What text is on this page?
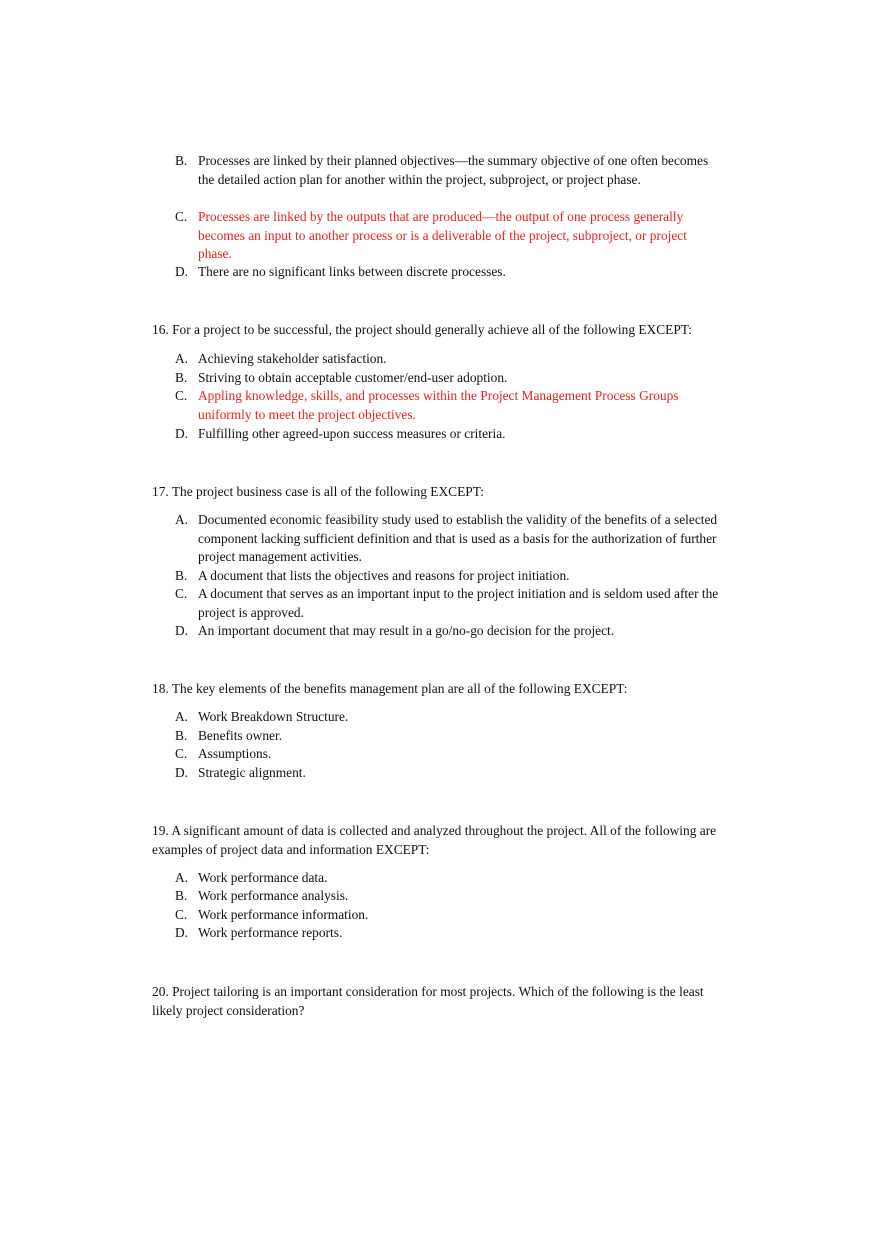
B. Processes are linked by their planned objectives—the summary objective of one often becomes the detailed action plan for another within the project, subproject, or project phase.
C. Processes are linked by the outputs that are produced—the output of one process generally becomes an input to another process or is a deliverable of the project, subproject, or project phase.
D. There are no significant links between discrete processes.
16. For a project to be successful, the project should generally achieve all of the following EXCEPT:
A. Achieving stakeholder satisfaction.
B. Striving to obtain acceptable customer/end-user adoption.
C. Appling knowledge, skills, and processes within the Project Management Process Groups uniformly to meet the project objectives.
D. Fulfilling other agreed-upon success measures or criteria.
17. The project business case is all of the following EXCEPT:
A. Documented economic feasibility study used to establish the validity of the benefits of a selected component lacking sufficient definition and that is used as a basis for the authorization of further project management activities.
B. A document that lists the objectives and reasons for project initiation.
C. A document that serves as an important input to the project initiation and is seldom used after the project is approved.
D. An important document that may result in a go/no-go decision for the project.
18. The key elements of the benefits management plan are all of the following EXCEPT:
A. Work Breakdown Structure.
B. Benefits owner.
C. Assumptions.
D. Strategic alignment.
19. A significant amount of data is collected and analyzed throughout the project. All of the following are examples of project data and information EXCEPT:
A. Work performance data.
B. Work performance analysis.
C. Work performance information.
D. Work performance reports.
20. Project tailoring is an important consideration for most projects. Which of the following is the least likely project consideration?
